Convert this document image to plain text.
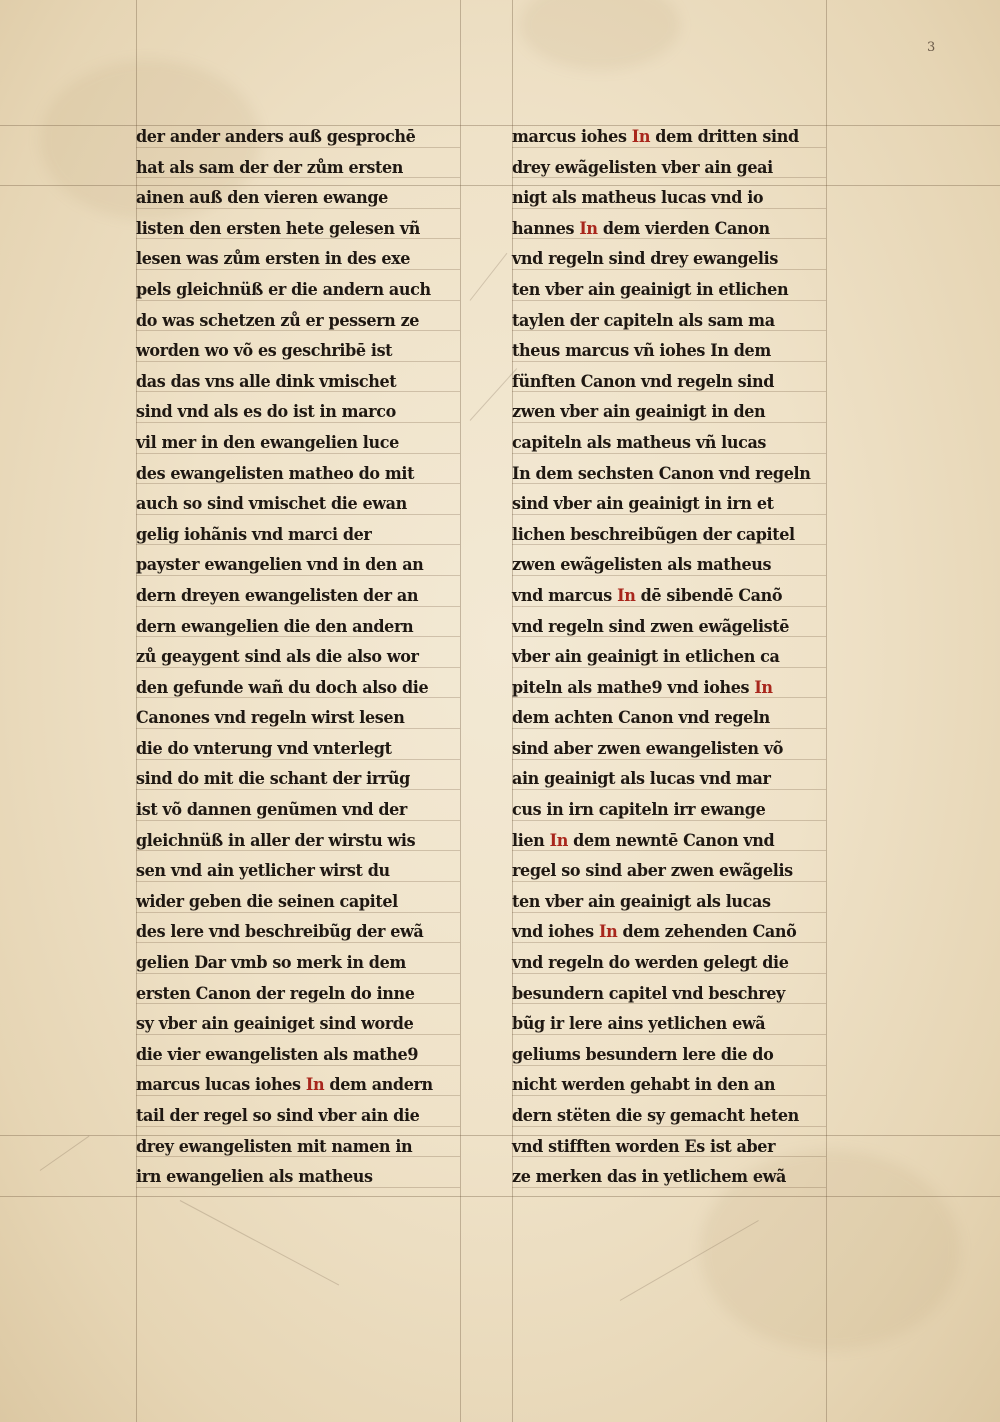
3
der ander anders auß gesprochē
hat als sam der der zům ersten
ainen auß den vieren ewange
listen den ersten hete gelesen vñ
lesen was zům ersten in des exe
pels gleichnüß er die andern auch
do was schetzen zů er pessern ze
worden wo võ es geschribē ist
das das vns alle dink vmischet
sind vnd als es do ist in marco
vil mer in den ewangelien luce
des ewangelisten matheo do mit
auch so sind vmischet die ewan
gelig iohãnis vnd marci der
payster ewangelien vnd in den an
dern dreyen ewangelisten der an
dern ewangelien die den andern
zů geaygent sind als die also wor
den gefunde wañ du doch also die
Canones vnd regeln wirst lesen
die do vnterung vnd vnterlegt
sind do mit die schant der irrũg
ist võ dannen genũmen vnd der
gleichnüß in aller der wirstu wis
sen vnd ain yetlicher wirst du
wider geben die seinen capitel
des lere vnd beschreibũg der ewã
gelien Dar vmb so merk in dem
ersten Canon der regeln do inne
sy vber ain geainiget sind worde
die vier ewangelisten als mathe9
marcus lucas iohes In dem andern
tail der regel so sind vber ain die
drey ewangelisten mit namen in
irn ewangelien als matheus
marcus iohes In dem dritten sind
drey ewãgelisten vber ain geai
nigt als matheus lucas vnd io
hannes In dem vierden Canon
vnd regeln sind drey ewangelis
ten vber ain geainigt in etlichen
taylen der capiteln als sam ma
theus marcus vñ iohes In dem
fünften Canon vnd regeln sind
zwen vber ain geainigt in den
capiteln als matheus vñ lucas
In dem sechsten Canon vnd regeln
sind vber ain geainigt in irn et
lichen beschreibũgen der capitel
zwen ewãgelisten als matheus
vnd marcus In dē sibendē Canõ
vnd regeln sind zwen ewãgelistē
vber ain geainigt in etlichen ca
piteln als mathe9 vnd iohes In
dem achten Canon vnd regeln
sind aber zwen ewangelisten võ
ain geainigt als lucas vnd mar
cus in irn capiteln irr ewange
lien In dem newntē Canon vnd
regel so sind aber zwen ewãgelis
ten vber ain geainigt als lucas
vnd iohes In dem zehenden Canõ
vnd regeln do werden gelegt die
besundern capitel vnd beschrey
bũg ir lere ains yetlichen ewã
geliums besundern lere die do
nicht werden gehabt in den an
dern stëten die sy gemacht heten
vnd stifften worden Es ist aber
ze merken das in yetlichem ewã
